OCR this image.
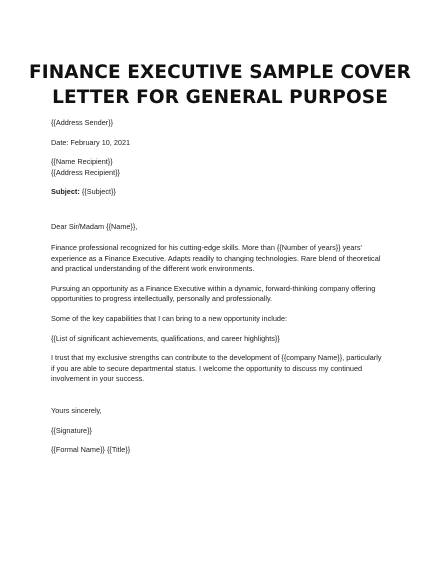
FINANCE EXECUTIVE SAMPLE COVER
LETTER FOR GENERAL PURPOSE

{{Address Sender}}

Date: February 10, 2021

{{Name Recipient}}

{{Address Recipient}}

Subject: {{Subject}}

Dear Sir/Madam {{Name}},

Finance professional recognized for his cutting-edge skills. More than {{Number of years}} years'

experience as a Finance Executive. Adapts readily to changing technologies. Rare blend of theoretical

and practical understanding of the different work environments.

Pursuing an opportunity as a Finance Executive within a dynamic, forward-thinking company offering

opportunities to progress intellectually, personally and professionally.

Some of the key capabilities that I can bring to a new opportunity include:

{{List of significant achievements, qualifications, and career highlights}}

I trust that my exclusive strengths can contribute to the development of {{company Name}}, particularly

if you are able to secure departmental status. I welcome the opportunity to discuss my continued

involvement in your success.

Yours sincerely,

{{Signature}}

{{Formal Name}} {{Title}}
